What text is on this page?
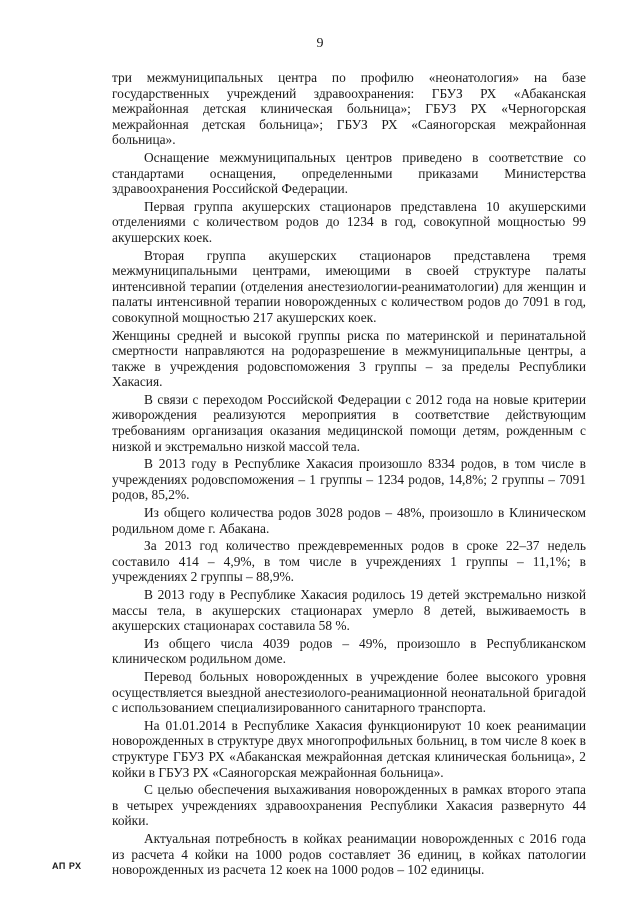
9

три межмуниципальных центра по профилю «неонатология» на базе государственных учреждений здравоохранения: ГБУЗ РХ «Абаканская межрайонная детская клиническая больница»; ГБУЗ РХ «Черногорская межрайонная детская больница»; ГБУЗ РХ «Саяногорская межрайонная больница».

Оснащение межмуниципальных центров приведено в соответствие со стандартами оснащения, определенными приказами Министерства здравоохранения Российской Федерации.

Первая группа акушерских стационаров представлена 10 акушерскими отделениями с количеством родов до 1234 в год, совокупной мощностью 99 акушерских коек.

Вторая группа акушерских стационаров представлена тремя межмуниципальными центрами, имеющими в своей структуре палаты интенсивной терапии (отделения анестезиологии-реаниматологии) для женщин и палаты интенсивной терапии новорожденных с количеством родов до 7091 в год, совокупной мощностью 217 акушерских коек.

Женщины средней и высокой группы риска по материнской и перинатальной смертности направляются на родоразрешение в межмуниципальные центры, а также в учреждения родовспоможения 3 группы – за пределы Республики Хакасия.

В связи с переходом Российской Федерации с 2012 года на новые критерии живорождения реализуются мероприятия в соответствие действующим требованиям организация оказания медицинской помощи детям, рожденным с низкой и экстремально низкой массой тела.

В 2013 году в Республике Хакасия произошло 8334 родов, в том числе в учреждениях родовспоможения – 1 группы – 1234 родов, 14,8%; 2 группы – 7091 родов, 85,2%.

Из общего количества родов 3028 родов – 48%, произошло в Клиническом родильном доме г. Абакана.

За 2013 год количество преждевременных родов в сроке 22–37 недель составило 414 – 4,9%, в том числе в учреждениях 1 группы – 11,1%; в учреждениях 2 группы – 88,9%.

В 2013 году в Республике Хакасия родилось 19 детей экстремально низкой массы тела, в акушерских стационарах умерло 8 детей, выживаемость в акушерских стационарах составила 58 %.

Из общего числа 4039 родов – 49%, произошло в Республиканском клиническом родильном доме.

Перевод больных новорожденных в учреждение более высокого уровня осуществляется выездной анестезиолого-реанимационной неонатальной бригадой с использованием специализированного санитарного транспорта.

На 01.01.2014 в Республике Хакасия функционируют 10 коек реанимации новорожденных в структуре двух многопрофильных больниц, в том числе 8 коек в структуре ГБУЗ РХ «Абаканская межрайонная детская клиническая больница», 2 койки в ГБУЗ РХ «Саяногорская межрайонная больница».

С целью обеспечения выхаживания новорожденных в рамках второго этапа в четырех учреждениях здравоохранения Республики Хакасия развернуто 44 койки.

Актуальная потребность в койках реанимации новорожденных с 2016 года из расчета 4 койки на 1000 родов составляет 36 единиц, в койках патологии новорожденных из расчета 12 коек на 1000 родов – 102 единицы.

АП РХ
